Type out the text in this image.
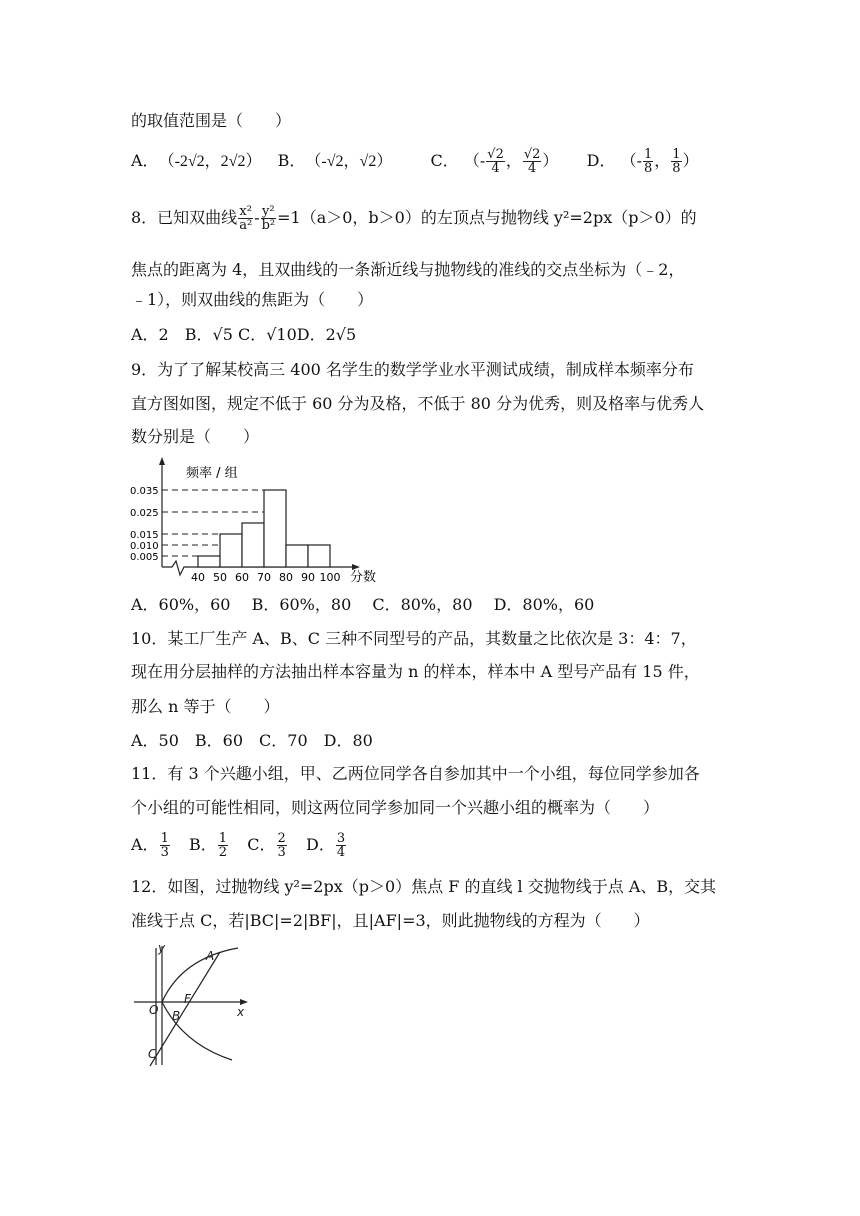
的取值范围是（　　）
A．（-2√2，2√2） B．（-√2，√2） C． （- $\frac{√2}{4}$ ， $\frac{√2}{4}$ ） D． （- $\frac{1}{8}$ ， $\frac{1}{8}$ ）
8．已知双曲线 $\frac{\text{x²}}{\text{a²}} - \frac{\text{y²}}{\text{b²}} =1(a>0$，b＞0）的左顶点与抛物线 y²=2px（p＞0）的
焦点的距离为 4，且双曲线的一条渐近线与抛物线的准线的交点坐标为（﹣2，
﹣1），则双曲线的焦距为（　　）
A．2　B．√5 C．√10D．2√5
9．为了了解某校高三 400 名学生的数学学业水平测试成绩，制成样本频率分布
直方图如图，规定不低于 60 分为及格，不低于 80 分为优秀，则及格率与优秀人
数分别是（　　）
频率 / 组
分数
0.035
0.025
0.015
0.010
0.005
40 50 60 70 80 90 100
A．60%，60　 B．60%，80　 C．80%，80　 D．80%，60
10．某工厂生产 A、B、C 三种不同型号的产品，其数量之比依次是 3：4：7，
现在用分层抽样的方法抽出样本容量为 n 的样本，样本中 A 型号产品有 15 件，
那么 n 等于（　　）
A．50　B．60　C．70　D．80
11．有 3 个兴趣小组，甲、乙两位同学各自参加其中一个小组，每位同学参加各
个小组的可能性相同，则这两位同学参加同一个兴趣小组的概率为（　　）
A． $\frac{1}{3}$ B． $\frac{1}{2}$ C． $\frac{2}{3}$ D． $\frac{3}{4}$
12．如图，过抛物线 y²=2px（p＞0）焦点 F 的直线 l 交抛物线于点 A、B，交其
准线于点 C，若|BC|=2|BF|，且|AF|=3，则此抛物线的方程为（　　）
y
x
O B
F
A
C
